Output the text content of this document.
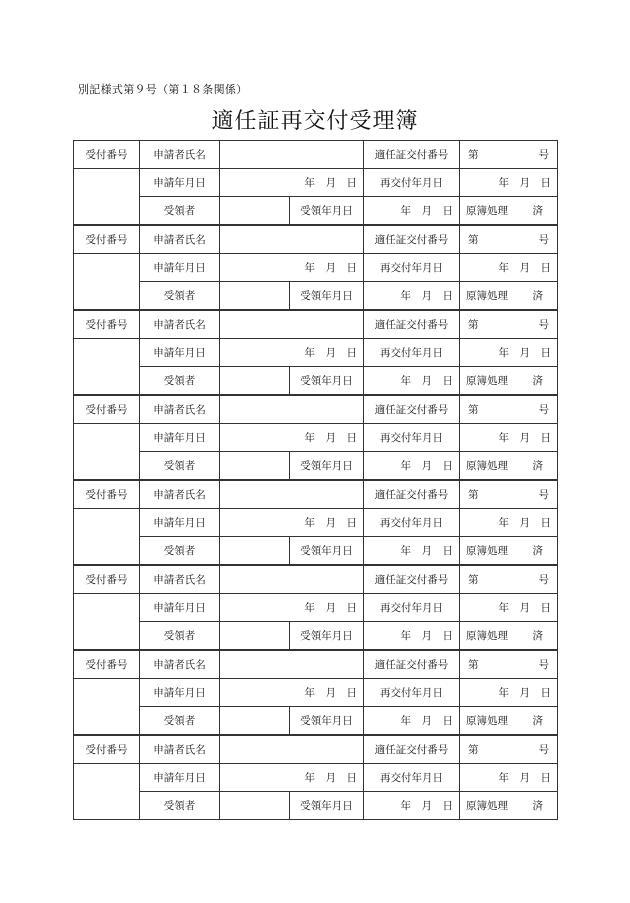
別記様式第９号（第１８条関係）
適任証再交付受理簿
受付番号	申請者氏名			適任証交付番号	第 号

	申請年月日	年　月　日		再交付年月日	年　月　日
	受領者		受領年月日	年　月　日	原簿処理 済

受付番号	申請者氏名			適任証交付番号	第 号

	申請年月日	年　月　日		再交付年月日	年　月　日
	受領者		受領年月日	年　月　日	原簿処理 済

受付番号	申請者氏名			適任証交付番号	第 号

	申請年月日	年　月　日		再交付年月日	年　月　日
	受領者		受領年月日	年　月　日	原簿処理 済

受付番号	申請者氏名			適任証交付番号	第 号

	申請年月日	年　月　日		再交付年月日	年　月　日
	受領者		受領年月日	年　月　日	原簿処理 済

受付番号	申請者氏名			適任証交付番号	第 号

	申請年月日	年　月　日		再交付年月日	年　月　日
	受領者		受領年月日	年　月　日	原簿処理 済

受付番号	申請者氏名			適任証交付番号	第 号

	申請年月日	年　月　日		再交付年月日	年　月　日
	受領者		受領年月日	年　月　日	原簿処理 済

受付番号	申請者氏名			適任証交付番号	第 号

	申請年月日	年　月　日		再交付年月日	年　月　日
	受領者		受領年月日	年　月　日	原簿処理 済

受付番号	申請者氏名			適任証交付番号	第 号

	申請年月日	年　月　日		再交付年月日	年　月　日
	受領者		受領年月日	年　月　日	原簿処理 済
